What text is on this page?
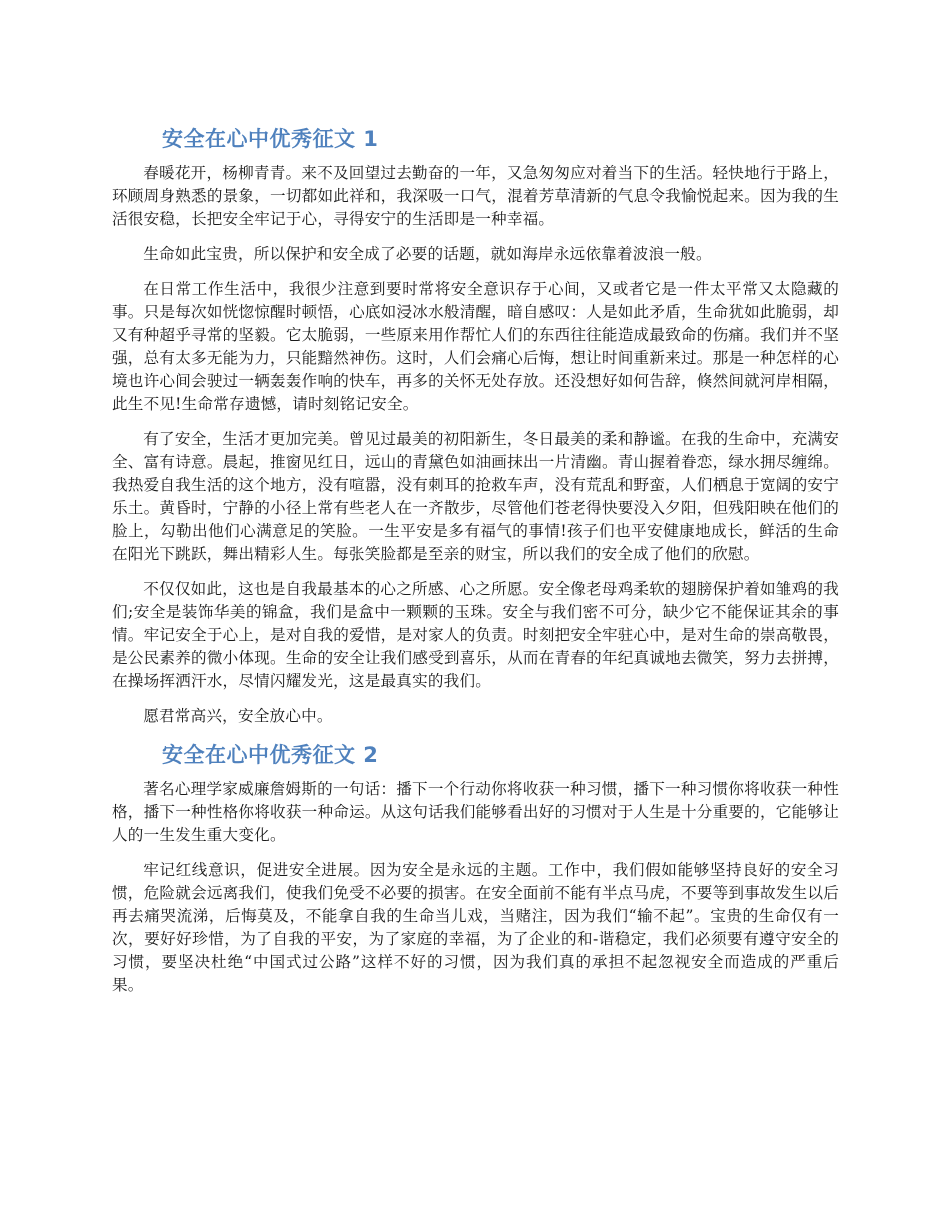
安全在心中优秀征文 1

春暖花开，杨柳青青。来不及回望过去勤奋的一年，又急匆匆应对着当下的生活。轻快地行于路上，环顾周身熟悉的景象，一切都如此祥和，我深吸一口气，混着芳草清新的气息令我愉悦起来。因为我的生活很安稳，长把安全牢记于心，寻得安宁的生活即是一种幸福。

生命如此宝贵，所以保护和安全成了必要的话题，就如海岸永远依靠着波浪一般。

在日常工作生活中，我很少注意到要时常将安全意识存于心间，又或者它是一件太平常又太隐藏的事。只是每次如恍惚惊醒时顿悟，心底如浸冰水般清醒，暗自感叹：人是如此矛盾，生命犹如此脆弱，却又有种超乎寻常的坚毅。它太脆弱，一些原来用作帮忙人们的东西往往能造成最致命的伤痛。我们并不坚强，总有太多无能为力，只能黯然神伤。这时，人们会痛心后悔，想让时间重新来过。那是一种怎样的心境也许心间会驶过一辆轰轰作响的快车，再多的关怀无处存放。还没想好如何告辞，倏然间就河岸相隔，此生不见!生命常存遗憾，请时刻铭记安全。

有了安全，生活才更加完美。曾见过最美的初阳新生，冬日最美的柔和静谧。在我的生命中，充满安全、富有诗意。晨起，推窗见红日，远山的青黛色如油画抹出一片清幽。青山握着眷恋，绿水拥尽缠绵。我热爱自我生活的这个地方，没有喧嚣，没有刺耳的抢救车声，没有荒乱和野蛮，人们栖息于宽阔的安宁乐土。黄昏时，宁静的小径上常有些老人在一齐散步，尽管他们苍老得快要没入夕阳，但残阳映在他们的脸上，勾勒出他们心满意足的笑脸。一生平安是多有福气的事情!孩子们也平安健康地成长，鲜活的生命在阳光下跳跃，舞出精彩人生。每张笑脸都是至亲的财宝，所以我们的安全成了他们的欣慰。

不仅仅如此，这也是自我最基本的心之所感、心之所愿。安全像老母鸡柔软的翅膀保护着如雏鸡的我们;安全是装饰华美的锦盒，我们是盒中一颗颗的玉珠。安全与我们密不可分，缺少它不能保证其余的事情。牢记安全于心上，是对自我的爱惜，是对家人的负责。时刻把安全牢驻心中，是对生命的崇高敬畏，是公民素养的微小体现。生命的安全让我们感受到喜乐，从而在青春的年纪真诚地去微笑，努力去拼搏，在操场挥洒汗水，尽情闪耀发光，这是最真实的我们。

愿君常高兴，安全放心中。

安全在心中优秀征文 2

著名心理学家威廉詹姆斯的一句话：播下一个行动你将收获一种习惯，播下一种习惯你将收获一种性格，播下一种性格你将收获一种命运。从这句话我们能够看出好的习惯对于人生是十分重要的，它能够让人的一生发生重大变化。

牢记红线意识，促进安全进展。因为安全是永远的主题。工作中，我们假如能够坚持良好的安全习惯，危险就会远离我们，使我们免受不必要的损害。在安全面前不能有半点马虎，不要等到事故发生以后再去痛哭流涕，后悔莫及，不能拿自我的生命当儿戏，当赌注，因为我们“输不起”。宝贵的生命仅有一次，要好好珍惜，为了自我的平安，为了家庭的幸福，为了企业的和-谐稳定，我们必须要有遵守安全的习惯，要坚决杜绝“中国式过公路”这样不好的习惯，因为我们真的承担不起忽视安全而造成的严重后果。
